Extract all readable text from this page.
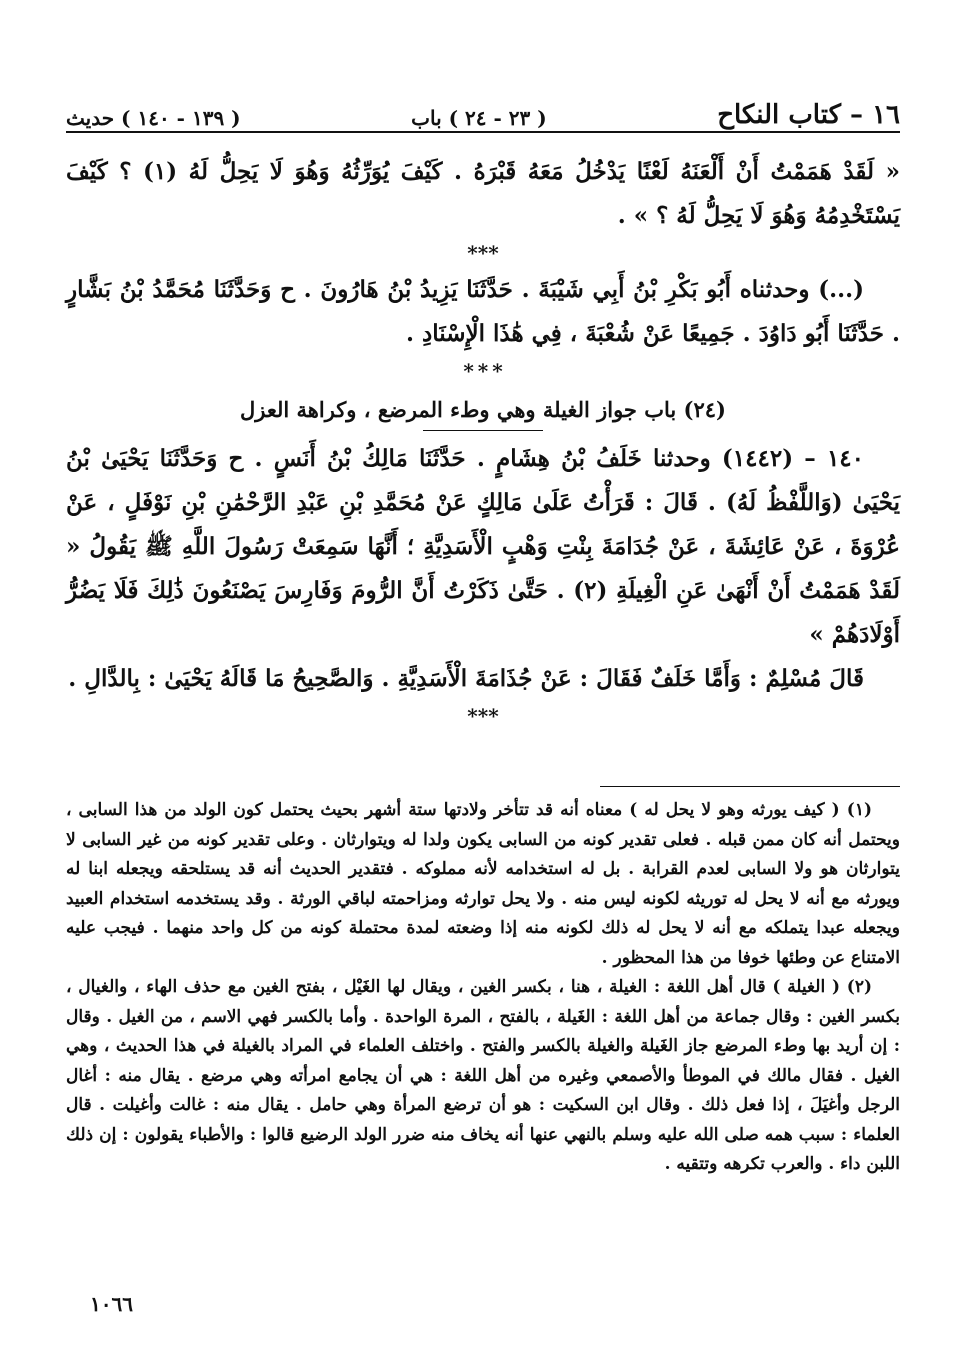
١٦ – كتاب النكاح
( ٢٣ - ٢٤ ) باب
( ١٣٩ - ١٤٠ ) حديث

« لَقَدْ هَمَمْتُ أَنْ أَلْعَنَهُ لَعْنًا يَدْخُلُ مَعَهُ قَبْرَهُ . كَيْفَ يُوَرِّثُهُ وَهُوَ لَا يَحِلُّ لَهُ (١) ؟ كَيْفَ يَسْتَخْدِمُهُ وَهُوَ لَا يَحِلُّ لَهُ ؟ » .

***

(...) وحدثناه أَبُو بَكْرِ بْنُ أَبِي شَيْبَةَ . حَدَّثَنَا يَزِيدُ بْنُ هَارُونَ . ح وَحَدَّثَنَا مُحَمَّدُ بْنُ بَشَّارٍ . حَدَّثَنَا أَبُو دَاوُدَ . جَمِيعًا عَنْ شُعْبَةَ ، فِي هَٰذَا الْإِسْنَادِ .

* * *
(٢٤) باب جواز الغيلة وهي وطء المرضع ، وكراهة العزل

١٤٠ – (١٤٤٢) وحدثنا خَلَفُ بْنُ هِشَامٍ . حَدَّثَنَا مَالِكُ بْنُ أَنَسٍ . ح وَحَدَّثَنَا يَحْيَىٰ بْنُ يَحْيَىٰ (وَاللَّفْظُ لَهُ) . قَالَ : قَرَأْتُ عَلَىٰ مَالِكٍ عَنْ مُحَمَّدِ بْنِ عَبْدِ الرَّحْمَٰنِ بْنِ نَوْفَلٍ ، عَنْ عُرْوَةَ ، عَنْ عَائِشَةَ ، عَنْ جُدَامَةَ بِنْتِ وَهْبٍ الْأَسَدِيَّةِ ؛ أَنَّهَا سَمِعَتْ رَسُولَ اللَّهِ ﷺ يَقُولُ « لَقَدْ هَمَمْتُ أَنْ أَنْهَىٰ عَنِ الْغِيلَةِ (٢) . حَتَّىٰ ذَكَرْتُ أَنَّ الرُّومَ وَفَارِسَ يَصْنَعُونَ ذَٰلِكَ فَلَا يَضُرُّ أَوْلَادَهُمْ »

قَالَ مُسْلِمٌ : وَأَمَّا خَلَفٌ فَقَالَ : عَنْ جُذَامَةَ الْأَسَدِيَّةِ . وَالصَّحِيحُ مَا قَالَهُ يَحْيَىٰ : بِالدَّالِ .

***

(١) ( كيف يورثه وهو لا يحل له ) معناه أنه قد تتأخر ولادتها ستة أشهر بحيث يحتمل كون الولد من هذا السابى ، ويحتمل أنه كان ممن قبله . فعلى تقدير كونه من السابى يكون ولدا له ويتوارثان . وعلى تقدير كونه من غير السابى لا يتوارثان هو ولا السابى لعدم القرابة . بل له استخدامه لأنه مملوكه . فتقدير الحديث أنه قد يستلحقه ويجعله ابنا له ويورثه مع أنه لا يحل له توريثه لكونه ليس منه . ولا يحل توارثه ومزاحمته لباقي الورثة . وقد يستخدمه استخدام العبيد ويجعله عبدا يتملكه مع أنه لا يحل له ذلك لكونه منه إذا وضعته لمدة محتملة كونه من كل واحد منهما . فيجب عليه الامتناع عن وطئها خوفا من هذا المحظور .

(٢) ( الغيلة ) قال أهل اللغة : الغيلة ، هنا ، بكسر الغين ، ويقال لها الغَيْل ، بفتح الغين مع حذف الهاء ، والغيال ، بكسر الغين : وقال جماعة من أهل اللغة : الغَيلة ، بالفتح ، المرة الواحدة . وأما بالكسر فهي الاسم ، من الغيل . وقال : إن أريد بها وطء المرضع جاز الغَيلة والغيلة بالكسر والفتح . واختلف العلماء في المراد بالغيلة في هذا الحديث ، وهي الغيل . فقال مالك في الموطأ والأصمعي وغيره من أهل اللغة : هي أن يجامع امرأته وهي مرضع . يقال منه : أغال الرجل وأغيَلَ ، إذا فعل ذلك . وقال ابن السكيت : هو أن ترضع المرأة وهي حامل . يقال منه : غالت وأغيلت . قال العلماء : سبب همه صلى الله عليه وسلم بالنهي عنها أنه يخاف منه ضرر الولد الرضيع قالوا : والأطباء يقولون : إن ذلك اللبن داء . والعرب تكرهه وتتقيه .

١٠٦٦
